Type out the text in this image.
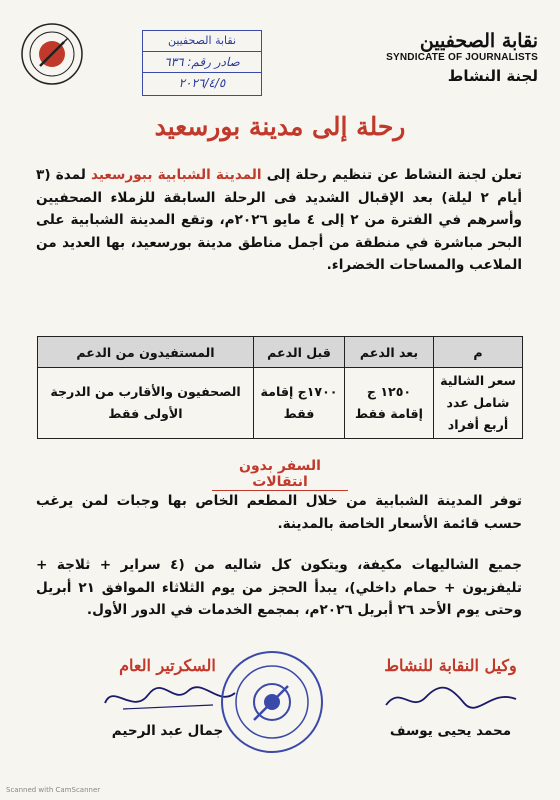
نقابة الصحفيين
SYNDICATE OF JOURNALISTS
لجنة النشاط
نقابة الصحفيين
صادر رقم: ٦٣٦
٢٠٢٦/٤/٥
رحلة إلى مدينة بورسعيد
تعلن لجنة النشاط عن تنظيم رحلة إلى المدينة الشبابية ببورسعيد لمدة (٣ أيام ٢ ليلة) بعد الإقبال الشديد فى الرحلة السابقة للزملاء الصحفيين وأسرهم في الفترة من ٢ إلى ٤ مايو ٢٠٢٦م، وتقع المدينة الشبابية على البحر مباشرة في منطقة من أجمل مناطق مدينة بورسعيد، بها العديد من الملاعب والمساحات الخضراء.
م	بعد الدعم	قبل الدعم	المستفيدون من الدعم
سعر الشالية شامل عدد أربع أفراد	١٢٥٠ ج إقامة فقط	١٧٠٠ج إقامة فقط	الصحفيون والأقارب من الدرجة الأولى فقط
السفر بدون انتقالات
توفر المدينة الشبابية من خلال المطعم الخاص بها وجبات لمن يرغب حسب قائمة الأسعار الخاصة بالمدينة.
جميع الشاليهات مكيفة، ويتكون كل شاليه من (٤ سراير + ثلاجة + تليفزيون + حمام داخلي)، يبدأ الحجز من يوم الثلاثاء الموافق ٢١ أبريل وحتى يوم الأحد ٢٦ أبريل ٢٠٢٦م، بمجمع الخدمات في الدور الأول.
وكيل النقابة للنشاط
محمد يحيى يوسف
السكرتير العام
جمال عبد الرحيم
Scanned with CamScanner
